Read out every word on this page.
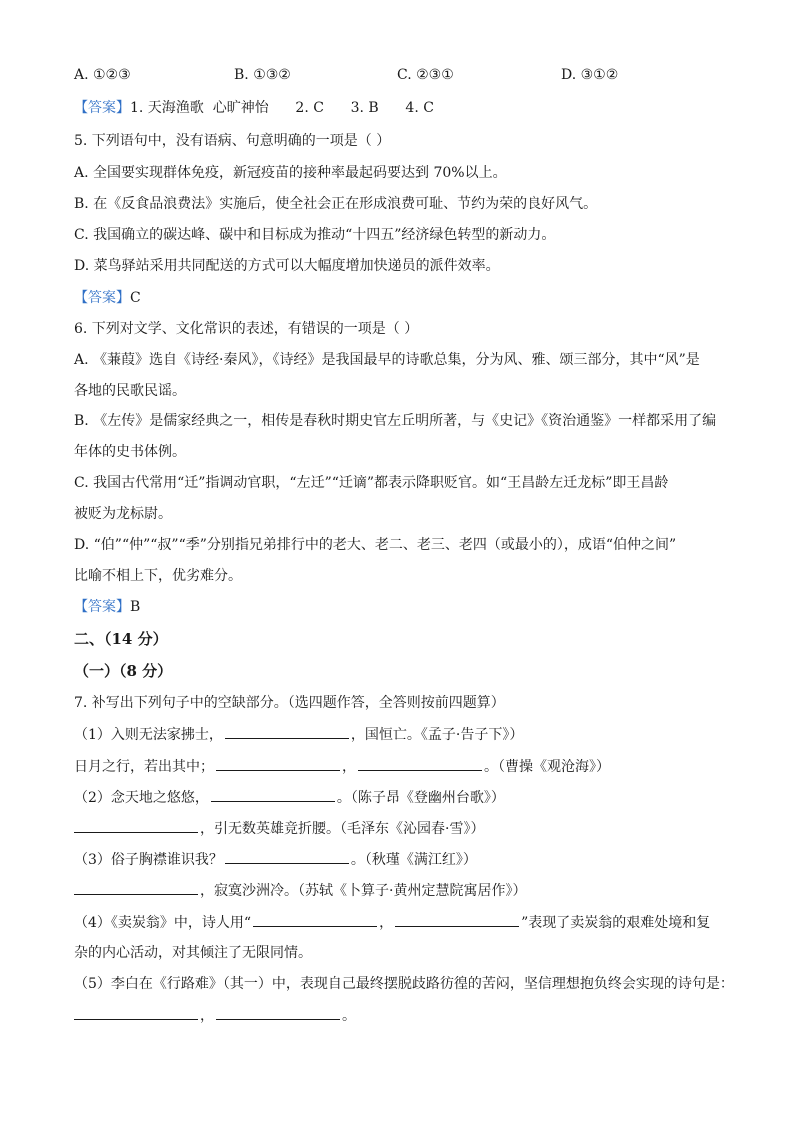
A. ①②③	B. ①③②	C. ②③①	D. ③①②
【答案】1. 天海渔歌  心旷神怡      2. C      3. B      4. C
5. 下列语句中，没有语病、句意明确的一项是（ ）
A. 全国要实现群体免疫，新冠疫苗的接种率最起码要达到 70%以上。
B. 在《反食品浪费法》实施后，使全社会正在形成浪费可耻、节约为荣的良好风气。
C. 我国确立的碳达峰、碳中和目标成为推动“十四五”经济绿色转型的新动力。
D. 菜鸟驿站采用共同配送的方式可以大幅度增加快递员的派件效率。
【答案】C
6. 下列对文学、文化常识的表述，有错误的一项是（ ）
A. 《蒹葭》选自《诗经·秦风》，《诗经》是我国最早的诗歌总集，分为风、雅、颂三部分，其中“风”是
各地的民歌民谣。
B. 《左传》是儒家经典之一，相传是春秋时期史官左丘明所著，与《史记》《资治通鉴》一样都采用了编
年体的史书体例。
C. 我国古代常用“迁”指调动官职，“左迁”“迁谪”都表示降职贬官。如“王昌龄左迁龙标”即王昌龄
被贬为龙标尉。
D. “伯”“仲”“叔”“季”分别指兄弟排行中的老大、老二、老三、老四（或最小的），成语“伯仲之间”
比喻不相上下，优劣难分。
【答案】B
二、（14 分）
（一）（8 分）
7. 补写出下列句子中的空缺部分。（选四题作答，全答则按前四题算）
（1）入则无法家拂士，	，国恒亡。《孟子·告子下》）
日月之行，若出其中；	，	。（曹操《观沧海》）
（2）念天地之悠悠，	。（陈子昂《登幽州台歌》）
，引无数英雄竞折腰。（毛泽东《沁园春·雪》）
（3）俗子胸襟谁识我？	。（秋瑾《满江红》）
，寂寞沙洲冷。（苏轼《卜算子·黄州定慧院寓居作》）
（4）《卖炭翁》中，诗人用“	，	”表现了卖炭翁的艰难处境和复
杂的内心活动，对其倾注了无限同情。
（5）李白在《行路难》（其一）中，表现自己最终摆脱歧路彷徨的苦闷，坚信理想抱负终会实现的诗句是：
，	。
